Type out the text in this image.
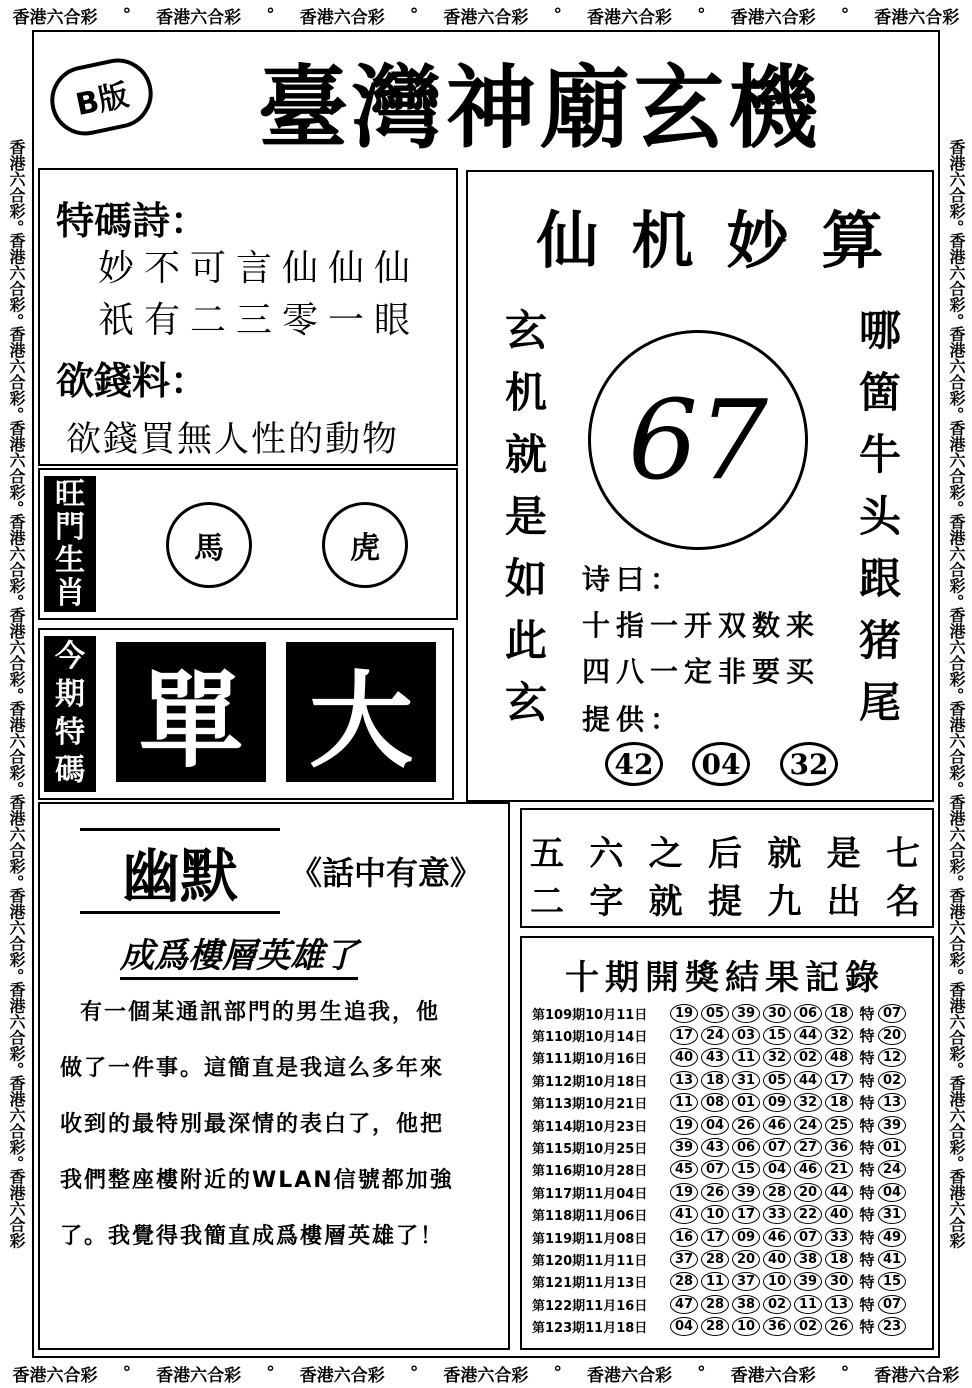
香港六合彩 ° 香港六合彩 ° 香港六合彩 ° 香港六合彩 ° 香港六合彩 ° 香港六合彩 ° 香港六合彩
香港六合彩 ° 香港六合彩 ° 香港六合彩 ° 香港六合彩 ° 香港六合彩 ° 香港六合彩 ° 香港六合彩
香港六合彩° 香港六合彩° 香港六合彩° 香港六合彩° 香港六合彩° 香港六合彩° 香港六合彩° 香港六合彩° 香港六合彩° 香港六合彩° 香港六合彩° 香港六合彩
香港六合彩° 香港六合彩° 香港六合彩° 香港六合彩° 香港六合彩° 香港六合彩° 香港六合彩° 香港六合彩° 香港六合彩° 香港六合彩° 香港六合彩° 香港六合彩
B版	臺灣神廟玄機
特碼詩：
妙不可言仙仙仙
祇有二三零一眼
欲錢料：
欲錢買無人性的動物
旺
門
生
肖
馬	虎
今
期
特
碼 單 大
仙 机 妙 算
玄
机
就
是
如
此
玄
哪
箇
牛
头
跟
猪
尾
67
诗曰：
十指一开双数来
四八一定非要买
提供：
42	04	32
幽默	《話中有意》
成爲樓層英雄了
有一個某通訊部門的男生追我，他
做了一件事。這簡直是我這么多年來
收到的最特別最深情的表白了，他把
我們整座樓附近的WLAN信號都加強
了。我覺得我簡直成爲樓層英雄了！
五 六 之 后 就 是 七
二 字 就 提 九 出 名
十期開獎結果記錄
第109期10月11日	19 05 39 30 06 18 特 07
第110期10月14日	17 24 03 15 44 32 特 20
第111期10月16日	40 43 11 32 02 48 特 12
第112期10月18日	13 18 31 05 44 17 特 02
第113期10月21日	11 08 01 09 32 18 特 13
第114期10月23日	19 04 26 46 24 25 特 39
第115期10月25日	39 43 06 07 27 36 特 01
第116期10月28日	45 07 15 04 46 21 特 24
第117期11月04日	19 26 39 28 20 44 特 04
第118期11月06日	41 10 17 33 22 40 特 31
第119期11月08日	16 17 09 46 07 33 特 49
第120期11月11日	37 28 20 40 38 18 特 41
第121期11月13日	28 11 37 10 39 30 特 15
第122期11月16日	47 28 38 02 11 13 特 07
第123期11月18日	04 28 10 36 02 26 特 23
